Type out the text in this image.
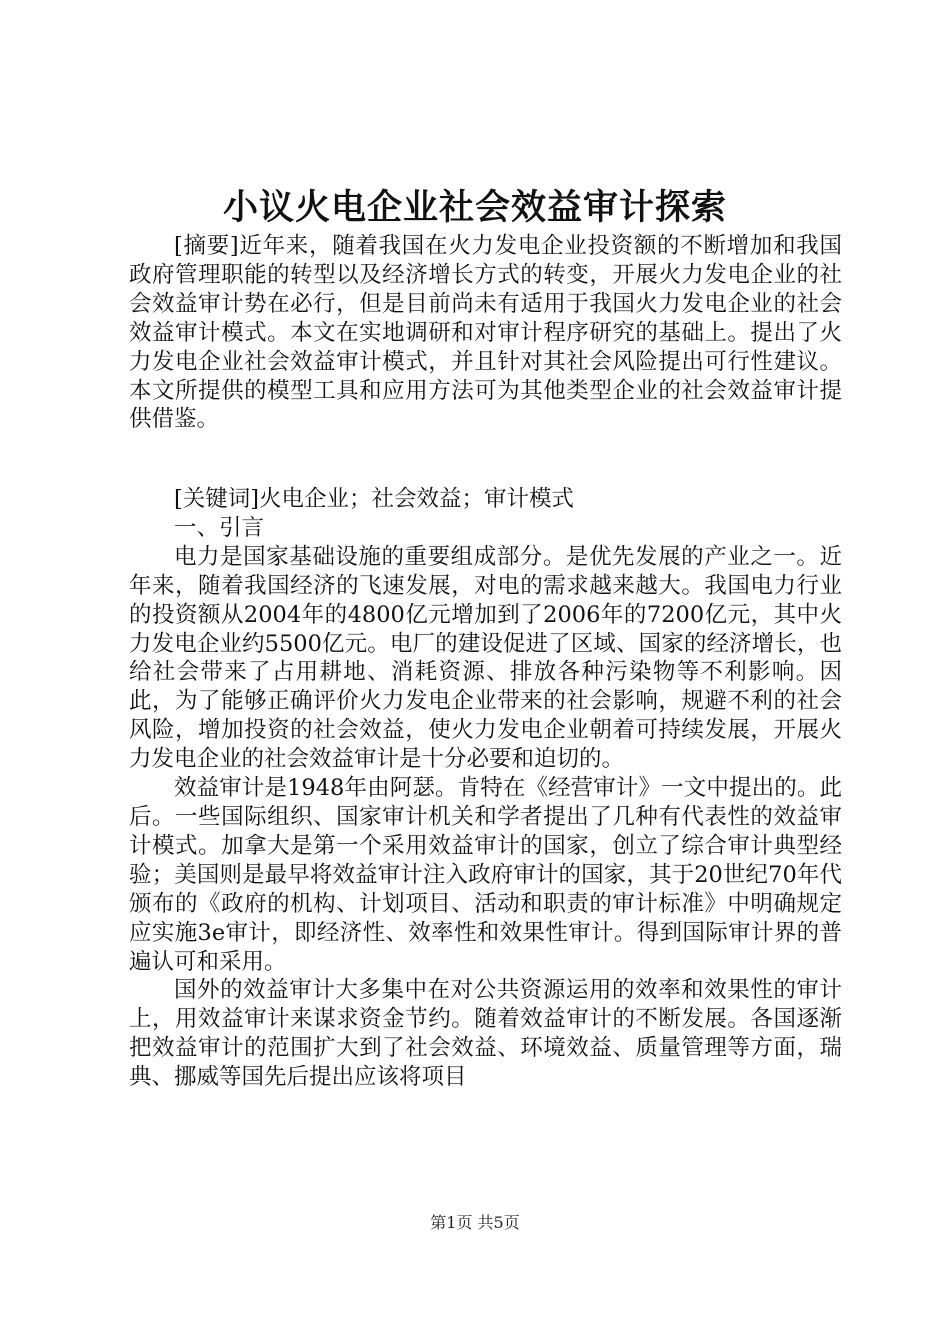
小议火电企业社会效益审计探索

[摘要]近年来，随着我国在火力发电企业投资额的不断增加和我国政府管理职能的转型以及经济增长方式的转变，开展火力发电企业的社会效益审计势在必行，但是目前尚未有适用于我国火力发电企业的社会效益审计模式。本文在实地调研和对审计程序研究的基础上。提出了火力发电企业社会效益审计模式，并且针对其社会风险提出可行性建议。本文所提供的模型工具和应用方法可为其他类型企业的社会效益审计提供借鉴。

[关键词]火电企业；社会效益；审计模式

一、引言

电力是国家基础设施的重要组成部分。是优先发展的产业之一。近年来，随着我国经济的飞速发展，对电的需求越来越大。我国电力行业的投资额从2004年的4800亿元增加到了2006年的7200亿元，其中火力发电企业约5500亿元。电厂的建设促进了区域、国家的经济增长，也给社会带来了占用耕地、消耗资源、排放各种污染物等不利影响。因此，为了能够正确评价火力发电企业带来的社会影响，规避不利的社会风险，增加投资的社会效益，使火力发电企业朝着可持续发展，开展火力发电企业的社会效益审计是十分必要和迫切的。

效益审计是1948年由阿瑟。肯特在《经营审计》一文中提出的。此后。一些国际组织、国家审计机关和学者提出了几种有代表性的效益审计模式。加拿大是第一个采用效益审计的国家，创立了综合审计典型经验；美国则是最早将效益审计注入政府审计的国家，其于20世纪70年代颁布的《政府的机构、计划项目、活动和职责的审计标准》中明确规定应实施3e审计，即经济性、效率性和效果性审计。得到国际审计界的普遍认可和采用。

国外的效益审计大多集中在对公共资源运用的效率和效果性的审计上，用效益审计来谋求资金节约。随着效益审计的不断发展。各国逐渐把效益审计的范围扩大到了社会效益、环境效益、质量管理等方面，瑞典、挪威等国先后提出应该将项目

第1页 共5页
